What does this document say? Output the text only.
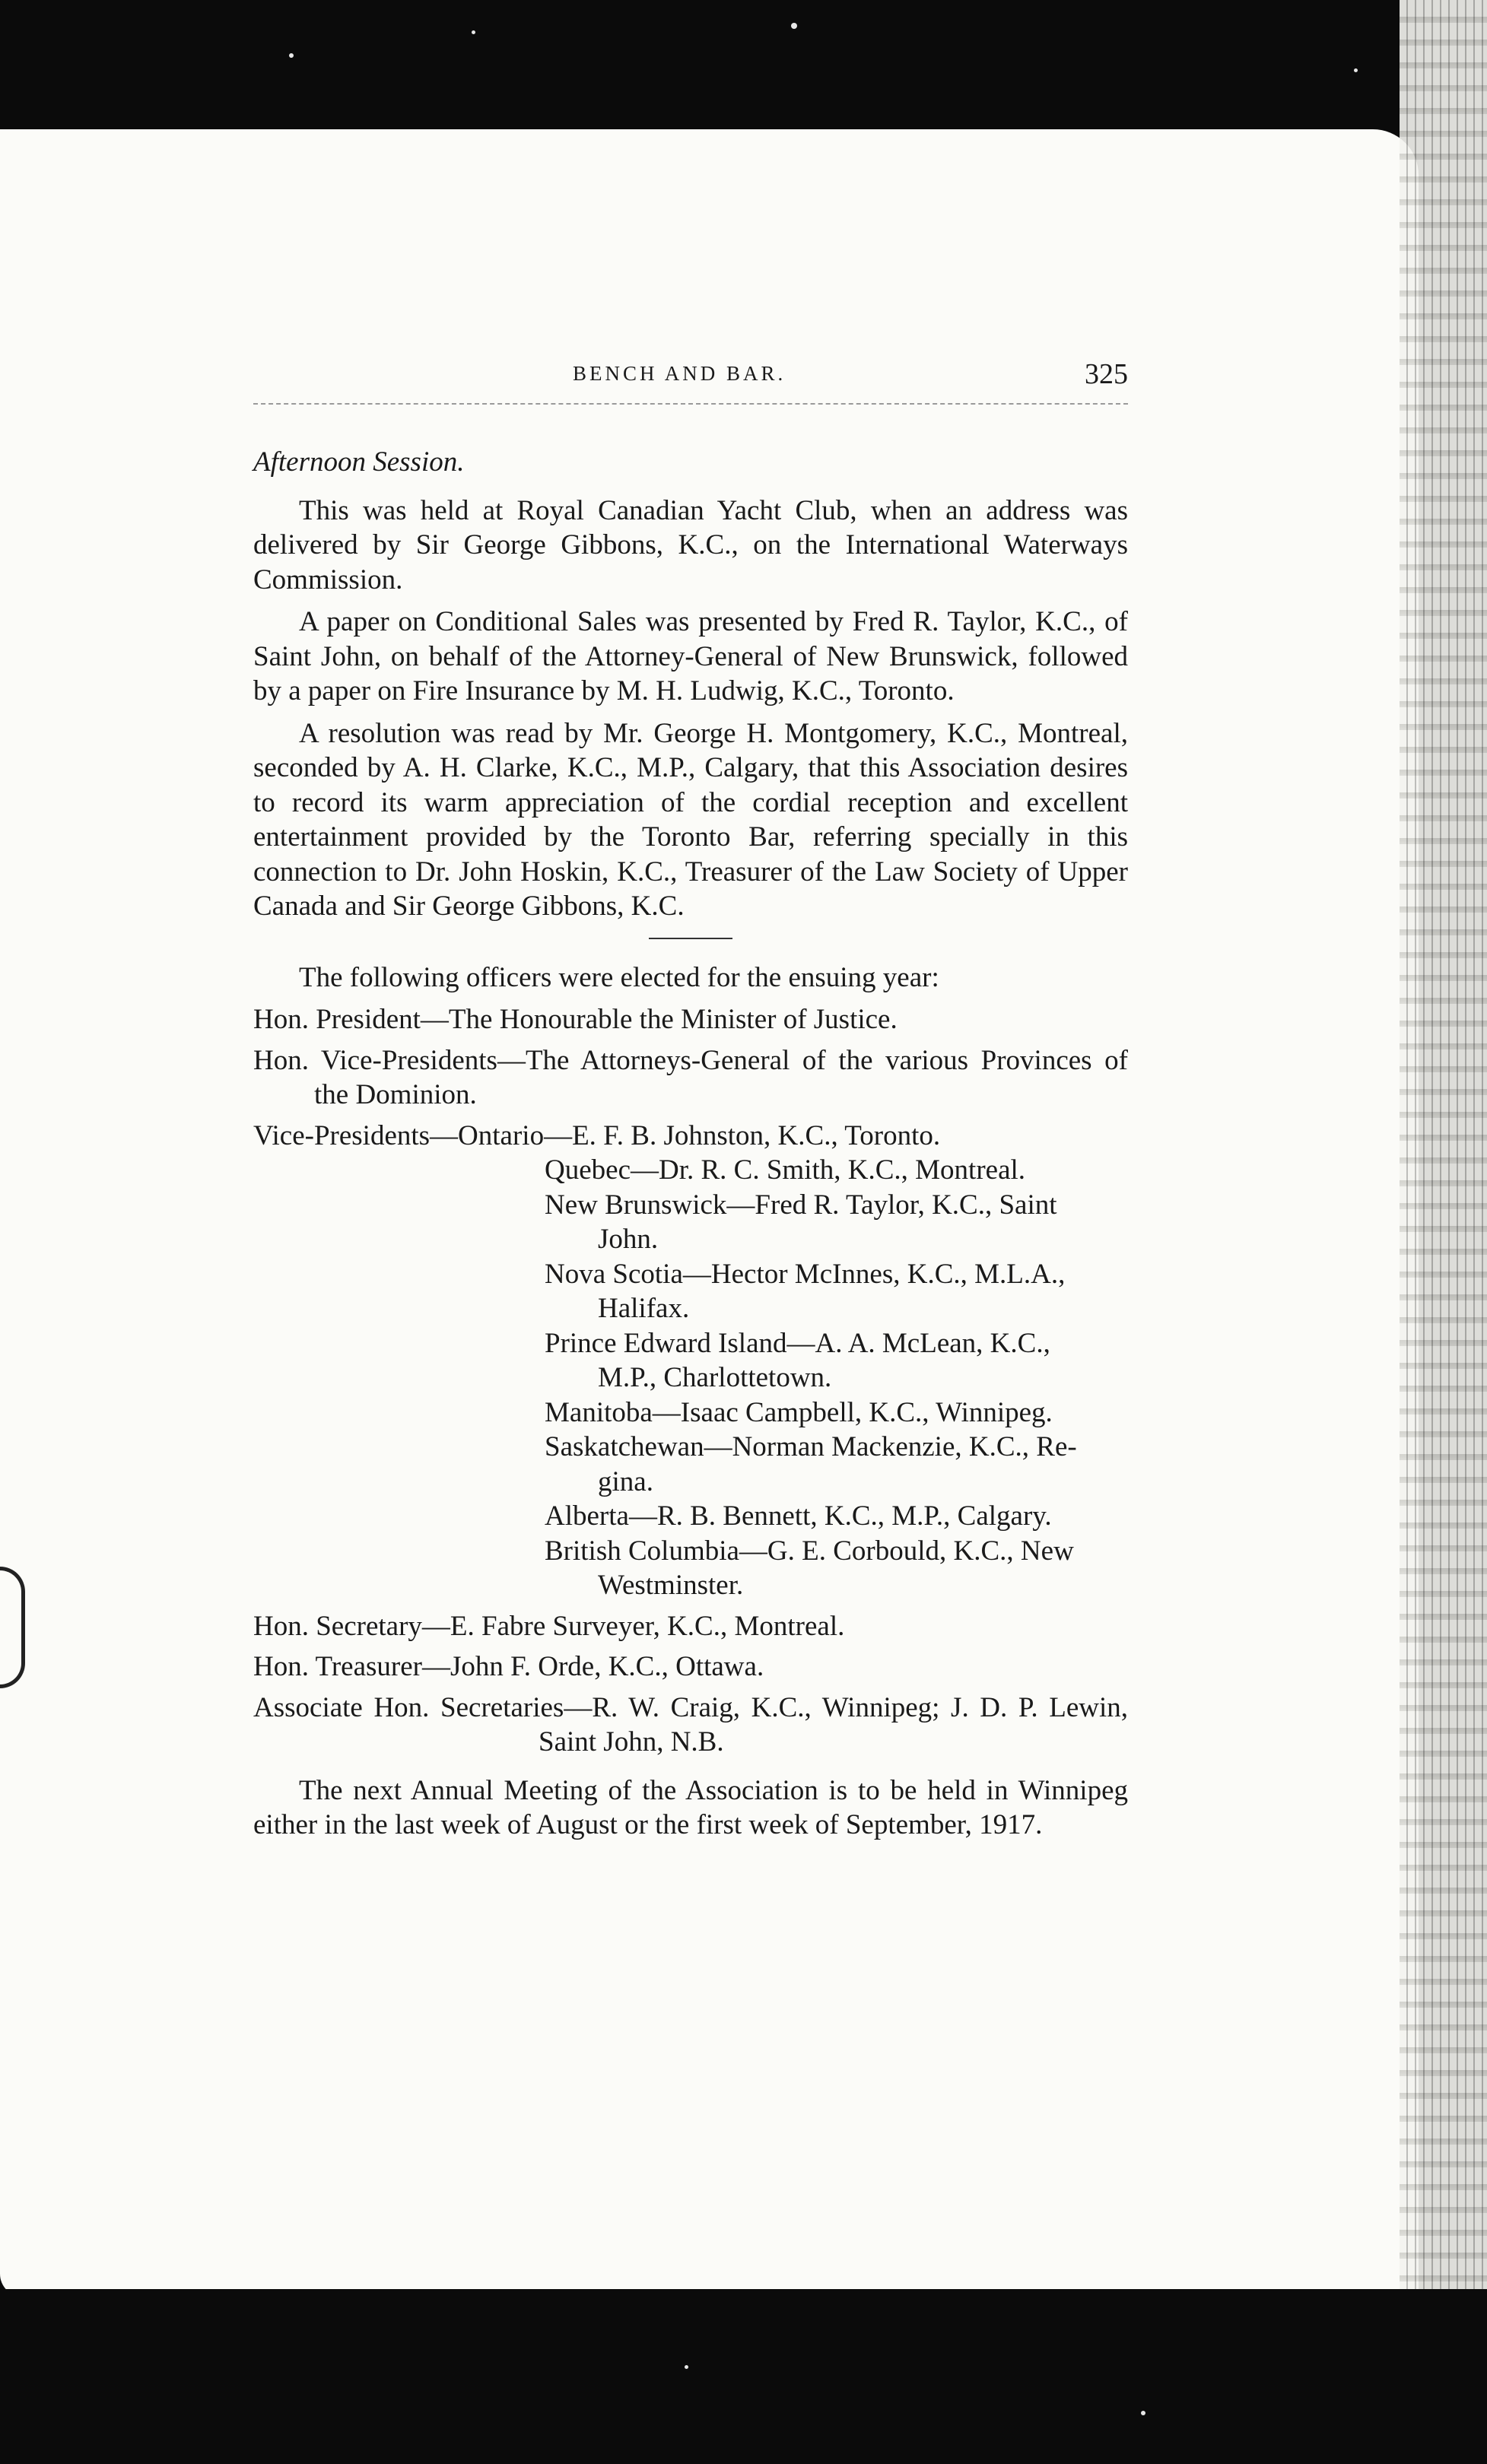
BENCH AND BAR.	325
Afternoon Session.

This was held at Royal Canadian Yacht Club, when an address was delivered by Sir George Gibbons, K.C., on the International Waterways Commission.

A paper on Conditional Sales was presented by Fred R. Taylor, K.C., of Saint John, on behalf of the Attorney-General of New Brunswick, followed by a paper on Fire Insurance by M. H. Ludwig, K.C., Toronto.

A resolution was read by Mr. George H. Montgomery, K.C., Montreal, seconded by A. H. Clarke, K.C., M.P., Calgary, that this Association desires to record its warm appreciation of the cordial reception and excellent entertainment provided by the Toronto Bar, referring specially in this connection to Dr. John Hoskin, K.C., Treasurer of the Law Society of Upper Canada and Sir George Gibbons, K.C.

The following officers were elected for the ensuing year:
Hon. President—The Honourable the Minister of Justice.
Hon. Vice-Presidents—The Attorneys-General of the various Provinces of the Dominion.
Vice-Presidents— Ontario—E. F. B. Johnston, K.C., Toronto.
Quebec—Dr. R. C. Smith, K.C., Montreal.
New Brunswick—Fred R. Taylor, K.C., Saint
John.
Nova Scotia—Hector McInnes, K.C., M.L.A.,
Halifax.
Prince Edward Island—A. A. McLean, K.C.,
M.P., Charlottetown.
Manitoba—Isaac Campbell, K.C., Winnipeg.
Saskatchewan—Norman Mackenzie, K.C., Re-
gina.
Alberta—R. B. Bennett, K.C., M.P., Calgary.
British Columbia—G. E. Corbould, K.C., New
Westminster.
Hon. Secretary—E. Fabre Surveyer, K.C., Montreal.
Hon. Treasurer—John F. Orde, K.C., Ottawa.
Associate Hon. Secretaries—R. W. Craig, K.C., Winnipeg; J. D. P. Lewin, Saint John, N.B.
The next Annual Meeting of the Association is to be held in Winnipeg either in the last week of August or the first week of September, 1917.
